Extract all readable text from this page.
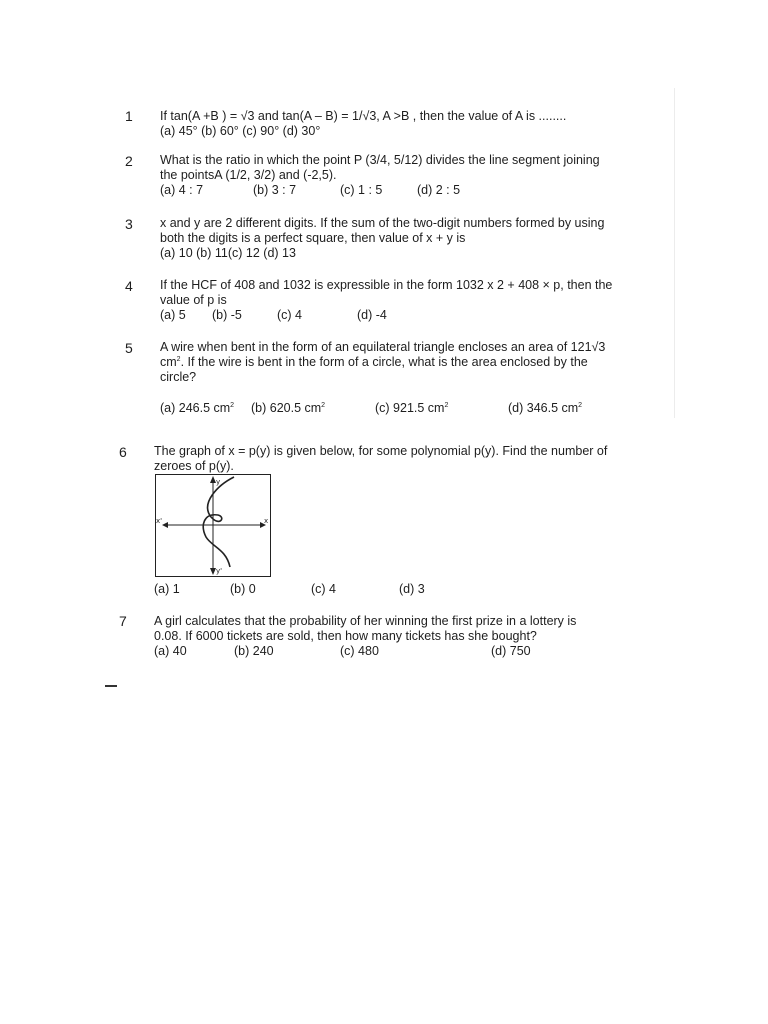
1	If tan(A +B ) = √3 and tan(A – B) = 1/√3, A >B , then the value of A is ........
(a) 45° (b) 60° (c) 90° (d) 30°
2	What is the ratio in which the point P (3/4, 5/12) divides the line segment joining
the pointsA (1/2, 3/2) and (-2,5).
(a) 4 : 7	(b) 3 : 7	(c) 1 : 5	(d) 2 : 5
3	x and y are 2 different digits. If the sum of the two-digit numbers formed by using
both the digits is a perfect square, then value of x + y is
(a) 10 (b) 11(c) 12 (d) 13
4	If the HCF of 408 and 1032 is expressible in the form 1032 x 2 + 408 × p, then the
value of p is
(a) 5 (b) -5	(c) 4	(d) -4
5	A wire when bent in the form of an equilateral triangle encloses an area of 121√3
$cm^2$. If the wire is bent in the form of a circle, what is the area enclosed by the
circle?
(a) 246.5 $cm^2$ (b) 620.5 $cm^2$	(c) 921.5 $cm^2$	(d) 346.5 $cm^2$
6	The graph of x = p(y) is given below, for some polynomial p(y). Find the number of
zeroes of p(y).
y
y'
x
x'
(a) 1	(b) 0	(c) 4	(d) 3
7	A girl calculates that the probability of her winning the first prize in a lottery is
0.08. If 6000 tickets are sold, then how many tickets has she bought?
(a) 40	(b) 240	(c) 480	(d) 750
